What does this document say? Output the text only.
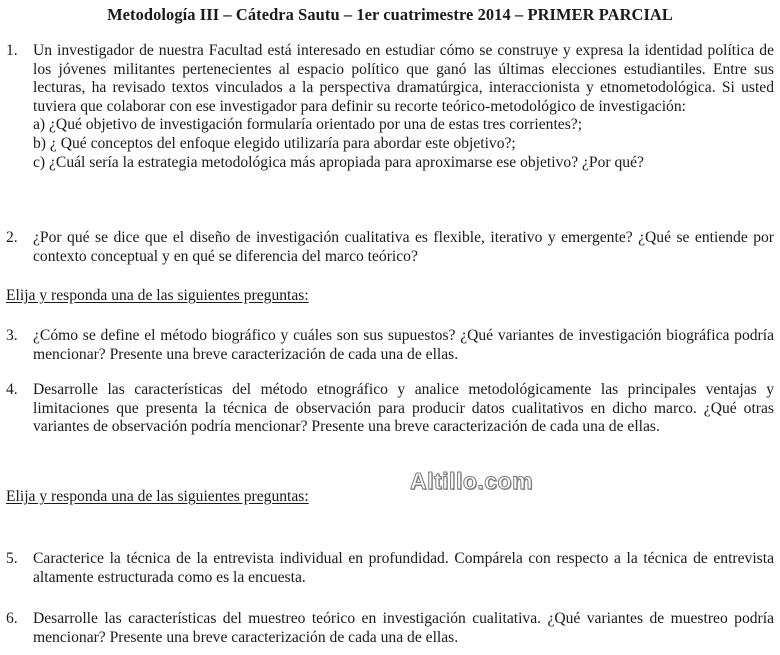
Metodología III – Cátedra Sautu – 1er cuatrimestre 2014 – PRIMER PARCIAL
1. Un investigador de nuestra Facultad está interesado en estudiar cómo se construye y expresa la identidad política de los jóvenes militantes pertenecientes al espacio político que ganó las últimas elecciones estudiantiles. Entre sus lecturas, ha revisado textos vinculados a la perspectiva dramatúrgica, interaccionista y etnometodológica. Si usted tuviera que colaborar con ese investigador para definir su recorte teórico-metodológico de investigación:

a) ¿Qué objetivo de investigación formularía orientado por una de estas tres corrientes?;
b) ¿ Qué conceptos del enfoque elegido utilizaría para abordar este objetivo?;
c) ¿Cuál sería la estrategia metodológica más apropiada para aproximarse ese objetivo? ¿Por qué?
2. ¿Por qué se dice que el diseño de investigación cualitativa es flexible, iterativo y emergente? ¿Qué se entiende por contexto conceptual y en qué se diferencia del marco teórico?

Elija y responda una de las siguientes preguntas:
3. ¿Cómo se define el método biográfico y cuáles son sus supuestos? ¿Qué variantes de investigación biográfica podría mencionar? Presente una breve caracterización de cada una de ellas.

4. Desarrolle las características del método etnográfico y analice metodológicamente las principales ventajas y limitaciones que presenta la técnica de observación para producir datos cualitativos en dicho marco. ¿Qué otras variantes de observación podría mencionar? Presente una breve caracterización de cada una de ellas.

Altillo.com
Elija y responda una de las siguientes preguntas:
5. Caracterice la técnica de la entrevista individual en profundidad. Compárela con respecto a la técnica de entrevista altamente estructurada como es la encuesta.

6. Desarrolle las características del muestreo teórico en investigación cualitativa. ¿Qué variantes de muestreo podría mencionar? Presente una breve caracterización de cada una de ellas.
